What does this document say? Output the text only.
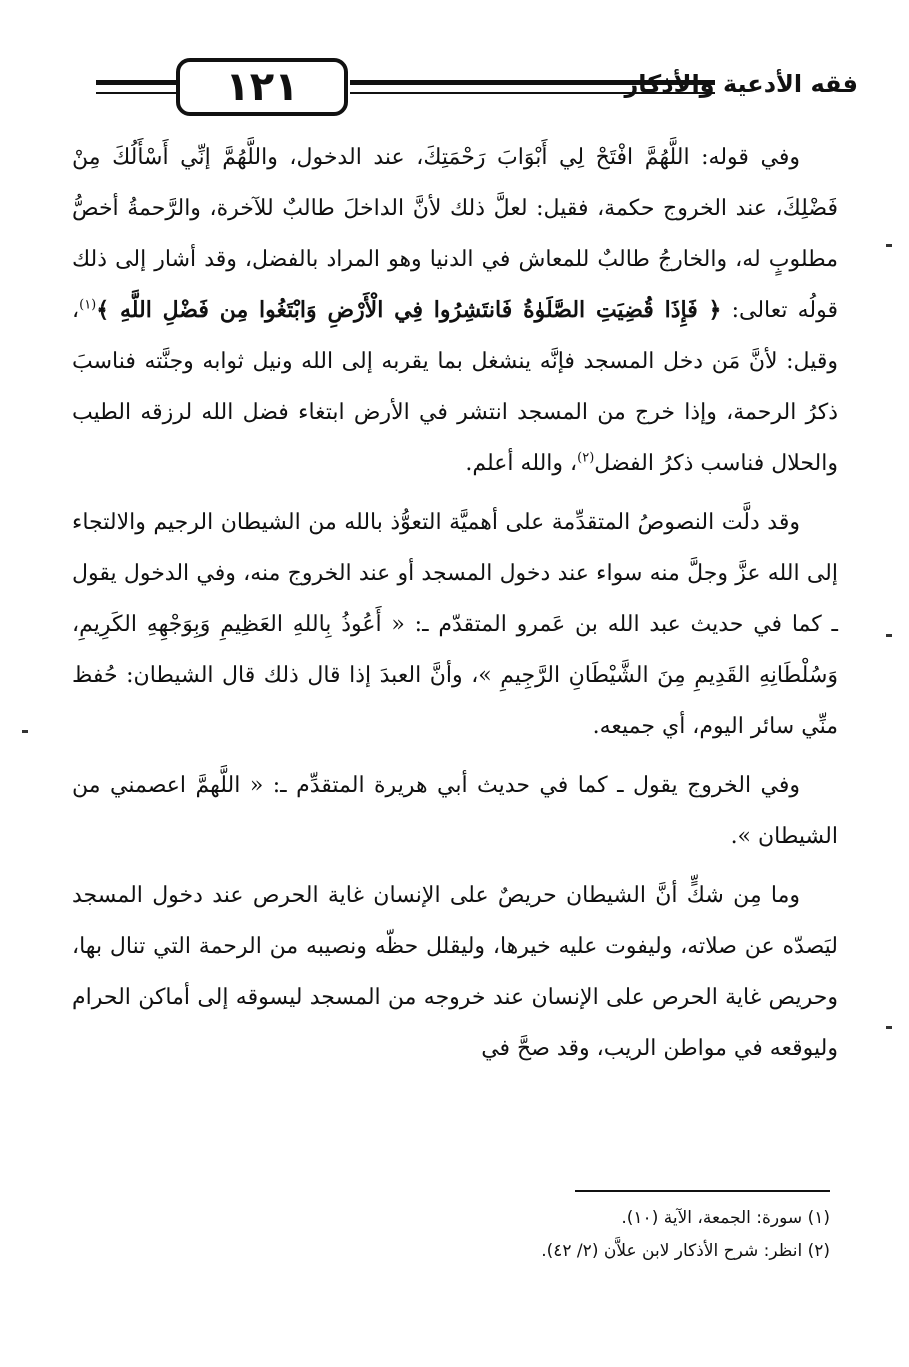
١٢١	فقه الأدعية والأذكار

وفي قوله: اللَّهُمَّ افْتَحْ لِي أَبْوَابَ رَحْمَتِكَ، عند الدخول، واللَّهُمَّ إنِّي أَسْأَلُكَ مِنْ فَضْلِكَ، عند الخروج حكمة، فقيل: لعلَّ ذلك لأنَّ الداخلَ طالبٌ للآخرة، والرَّحمةُ أخصُّ مطلوبٍ له، والخارجُ طالبٌ للمعاش في الدنيا وهو المراد بالفضل، وقد أشار إلى ذلك قولُه تعالى: ﴿ فَإِذَا قُضِيَتِ الصَّلَوٰةُ فَانتَشِرُوا فِي الْأَرْضِ وَابْتَغُوا مِن فَضْلِ اللَّهِ ﴾$^{(١)}$، وقيل: لأنَّ مَن دخل المسجد فإنَّه ينشغل بما يقربه إلى الله ونيل ثوابه وجنَّته فناسبَ ذكرُ الرحمة، وإذا خرج من المسجد انتشر في الأرض ابتغاء فضل الله لرزقه الطيب والحلال فناسب ذكرُ الفضل$^{(٢)}$، والله أعلم.

وقد دلَّت النصوصُ المتقدِّمة على أهميَّة التعوُّذ بالله من الشيطان الرجيم والالتجاء إلى الله عزَّ وجلَّ منه سواء عند دخول المسجد أو عند الخروج منه، وفي الدخول يقول ـ كما في حديث عبد الله بن عَمرو المتقدّم ـ: « أَعُوذُ بِاللهِ العَظِيمِ وَبِوَجْهِهِ الكَرِيمِ، وَسُلْطَانِهِ القَدِيمِ مِنَ الشَّيْطَانِ الرَّجِيمِ »، وأنَّ العبدَ إذا قال ذلك قال الشيطان: حُفظ منِّي سائر اليوم، أي جميعه.

وفي الخروج يقول ـ كما في حديث أبي هريرة المتقدِّم ـ: « اللَّهمَّ اعصمني من الشيطان ».

وما مِن شكٍّ أنَّ الشيطان حريصٌ على الإنسان غاية الحرص عند دخول المسجد ليَصدّه عن صلاته، وليفوت عليه خيرها، وليقلل حظّه ونصيبه من الرحمة التي تنال بها، وحريص غاية الحرص على الإنسان عند خروجه من المسجد ليسوقه إلى أماكن الحرام وليوقعه في مواطن الريب، وقد صحَّ في

(١) سورة: الجمعة، الآية (١٠).
(٢) انظر: شرح الأذكار لابن علاَّن (٢/ ٤٢).
